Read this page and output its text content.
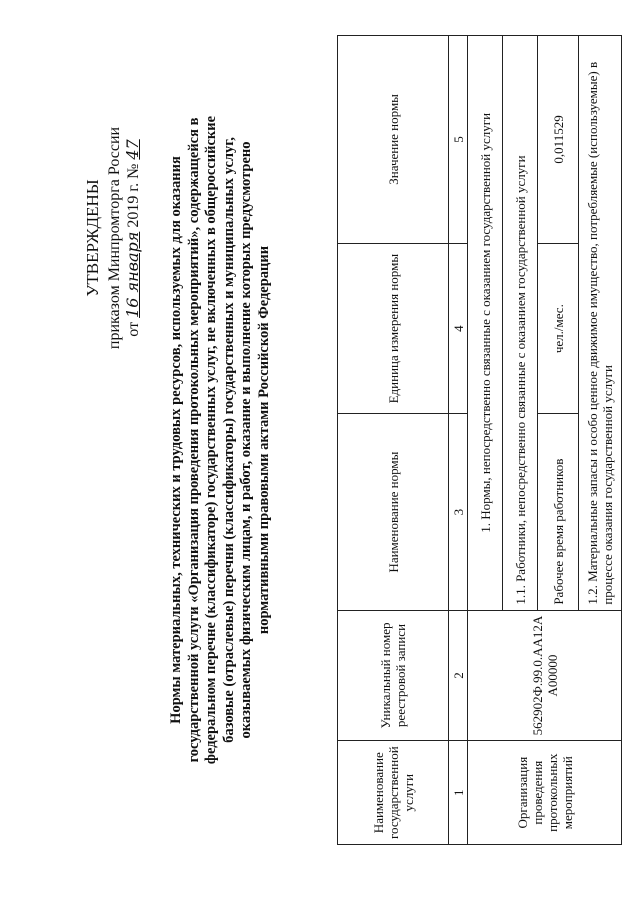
УТВЕРЖДЕНЫ приказом Минпромторга России от 16 января 2019 г. № 47
Нормы материальных, технических и трудовых ресурсов, используемых для оказания государственной услуги «Организация проведения протокольных мероприятий», содержащейся в федеральном перечне (классификаторе) государственных услуг, не включенных в общероссийские базовые (отраслевые) перечни (классификаторы) государственных и муниципальных услуг, оказываемых физическим лицам, и работ, оказание и выполнение которых предусмотрено нормативными правовыми актами Российской Федерации
Наименование государственной услуги	Уникальный номер реестровой записи	Наименование нормы	Единица измерения нормы	Значение нормы
1	2	3	4	5
Организация проведения протокольных мероприятий	562902Ф.99.0.АА12А А00000	1. Нормы, непосредственно связанные с оказанием государственной услуги		
		1.1. Работники, непосредственно связанные с оказанием государственной услуги		
		Рабочее время работников	чел./мес.	0,011529
		1.2. Материальные запасы и особо ценное движимое имущество, потребляемые (используемые) в процессе оказания государственной услуги		
